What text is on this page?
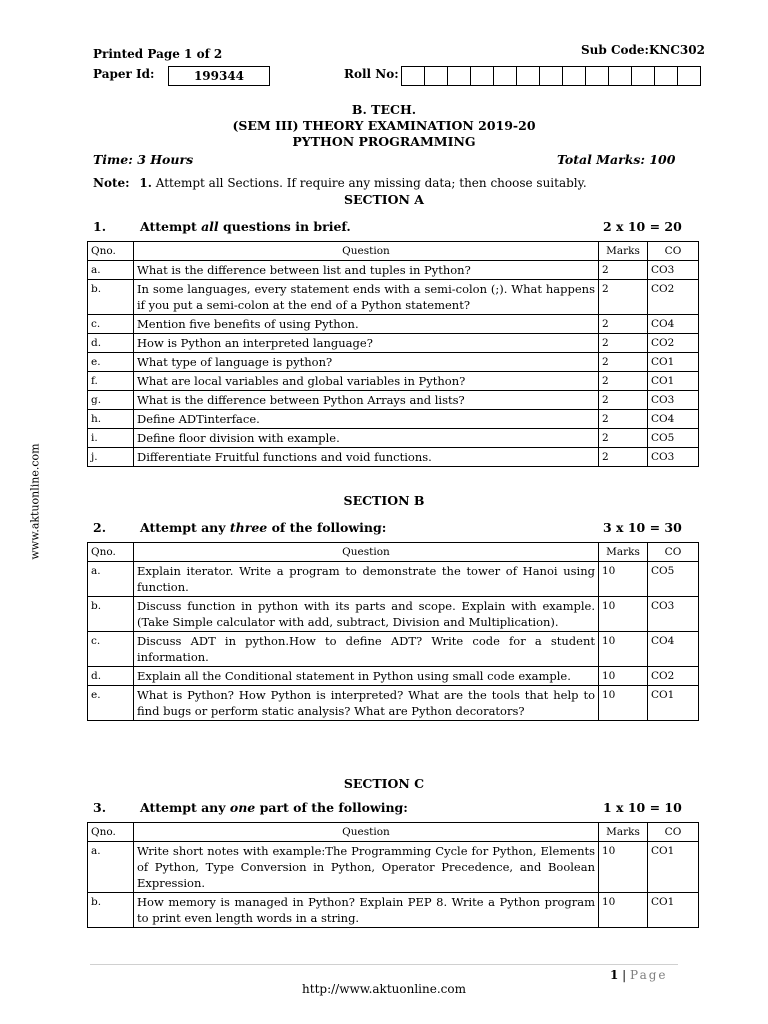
www.aktuonline.com
Printed Page 1 of 2	Sub Code:KNC302
Paper Id:	199344	Roll No:
B. TECH.
(SEM III) THEORY EXAMINATION 2019-20
PYTHON PROGRAMMING
Time: 3 Hours	Total Marks: 100
Note: 1. Attempt all Sections. If require any missing data; then choose suitably.
SECTION A
1.	Attempt all questions in brief.	2 x 10 = 20
Qno.	Question	Marks	CO
a.	What is the difference between list and tuples in Python?	2	CO3
b.	In some languages, every statement ends with a semi-colon (;). What happens if you put a semi-colon at the end of a Python statement?	2	CO2
c.	Mention five benefits of using Python.	2	CO4
d.	How is Python an interpreted language?	2	CO2
e.	What type of language is python?	2	CO1
f.	What are local variables and global variables in Python?	2	CO1
g.	What is the difference between Python Arrays and lists?	2	CO3
h.	Define ADTinterface.	2	CO4
i.	Define floor division with example.	2	CO5
j.	Differentiate Fruitful functions and void functions.	2	CO3
SECTION B
2.	Attempt any three of the following:	3 x 10 = 30
Qno.	Question	Marks	CO
a.	Explain iterator. Write a program to demonstrate the tower of Hanoi using function.	10	CO5
b.	Discuss function in python with its parts and scope. Explain with example. (Take Simple calculator with add, subtract, Division and Multiplication).	10	CO3
c.	Discuss ADT in python.How to define ADT? Write code for a student information.	10	CO4
d.	Explain all the Conditional statement in Python using small code example.	10	CO2
e.	What is Python? How Python is interpreted? What are the tools that help to find bugs or perform static analysis? What are Python decorators?	10	CO1
SECTION C
3.	Attempt any one part of the following:	1 x 10 = 10
Qno.	Question	Marks	CO
a.	Write short notes with example:The Programming Cycle for Python, Elements of Python, Type Conversion in Python, Operator Precedence, and Boolean Expression.	10	CO1
b.	How memory is managed in Python? Explain PEP 8. Write a Python program to print even length words in a string.	10	CO1
1 | Page
http://www.aktuonline.com
